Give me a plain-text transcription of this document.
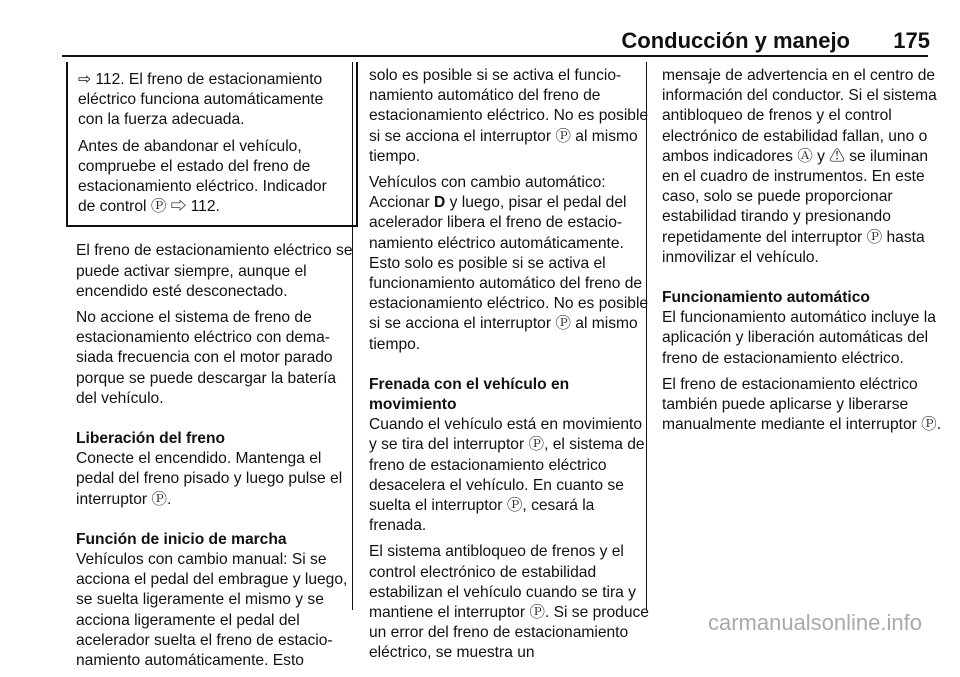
Conducción y manejo 175

⇨ 112. El freno de estacionamiento eléctrico funciona automáticamente con la fuerza adecuada.

Antes de abandonar el vehículo, compruebe el estado del freno de estacionamiento eléctrico. Indicador de control Ⓟ ⇨ 112.

El freno de estacionamiento eléctrico se puede activar siempre, aunque el encendido esté desconectado.

No accione el sistema de freno de estacionamiento eléctrico con demasiada frecuencia con el motor parado porque se puede descargar la batería del vehículo.

Liberación del freno

Conecte el encendido. Mantenga el pedal del freno pisado y luego pulse el interruptor Ⓟ.

Función de inicio de marcha

Vehículos con cambio manual: Si se acciona el pedal del embrague y luego, se suelta ligeramente el mismo y se acciona ligeramente el pedal del acelerador suelta el freno de estacionamiento automáticamente. Esto

solo es posible si se activa el funcionamiento automático del freno de estacionamiento eléctrico. No es posible si se acciona el interruptor Ⓟ al mismo tiempo.

Vehículos con cambio automático: Accionar D y luego, pisar el pedal del acelerador libera el freno de estacionamiento eléctrico automáticamente. Esto solo es posible si se activa el funcionamiento automático del freno de estacionamiento eléctrico. No es posible si se acciona el interruptor Ⓟ al mismo tiempo.

Frenada con el vehículo en movimiento

Cuando el vehículo está en movimiento y se tira del interruptor Ⓟ, el sistema de freno de estacionamiento eléctrico desacelera el vehículo. En cuanto se suelta el interruptor Ⓟ, cesará la frenada.

El sistema antibloqueo de frenos y el control electrónico de estabilidad estabilizan el vehículo cuando se tira y mantiene el interruptor Ⓟ. Si se produce un error del freno de estacionamiento eléctrico, se muestra un

mensaje de advertencia en el centro de información del conductor. Si el sistema antibloqueo de frenos y el control electrónico de estabilidad fallan, uno o ambos indicadores Ⓐ y ⚠ se iluminan en el cuadro de instrumentos. En este caso, solo se puede proporcionar estabilidad tirando y presionando repetidamente del interruptor Ⓟ hasta inmovilizar el vehículo.

Funcionamiento automático

El funcionamiento automático incluye la aplicación y liberación automáticas del freno de estacionamiento eléctrico.

El freno de estacionamiento eléctrico también puede aplicarse y liberarse manualmente mediante el interruptor Ⓟ.

carmanualsonline.info
